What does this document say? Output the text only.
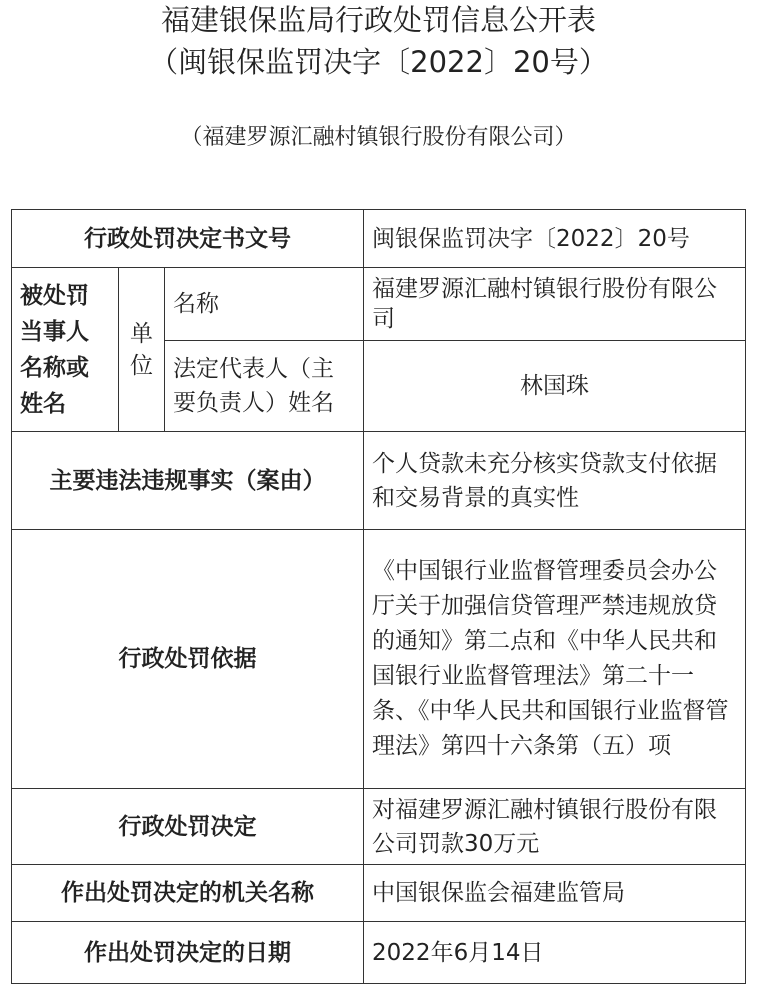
福建银保监局行政处罚信息公开表
（闽银保监罚决字〔2022〕20号）
（福建罗源汇融村镇银行股份有限公司）
行政处罚决定书文号			闽银保监罚决字〔2022〕20号
被处罚当事人名称或姓名	单位	名称	福建罗源汇融村镇银行股份有限公司
		法定代表人（主要负责人）姓名	林国珠
主要违法违规事实（案由）			个人贷款未充分核实贷款支付依据和交易背景的真实性
行政处罚依据			《中国银行业监督管理委员会办公厅关于加强信贷管理严禁违规放贷的通知》第二点和《中华人民共和国银行业监督管理法》第二十一条、《中华人民共和国银行业监督管理法》第四十六条第（五）项
行政处罚决定			对福建罗源汇融村镇银行股份有限公司罚款30万元
作出处罚决定的机关名称			中国银保监会福建监管局
作出处罚决定的日期			2022年6月14日
